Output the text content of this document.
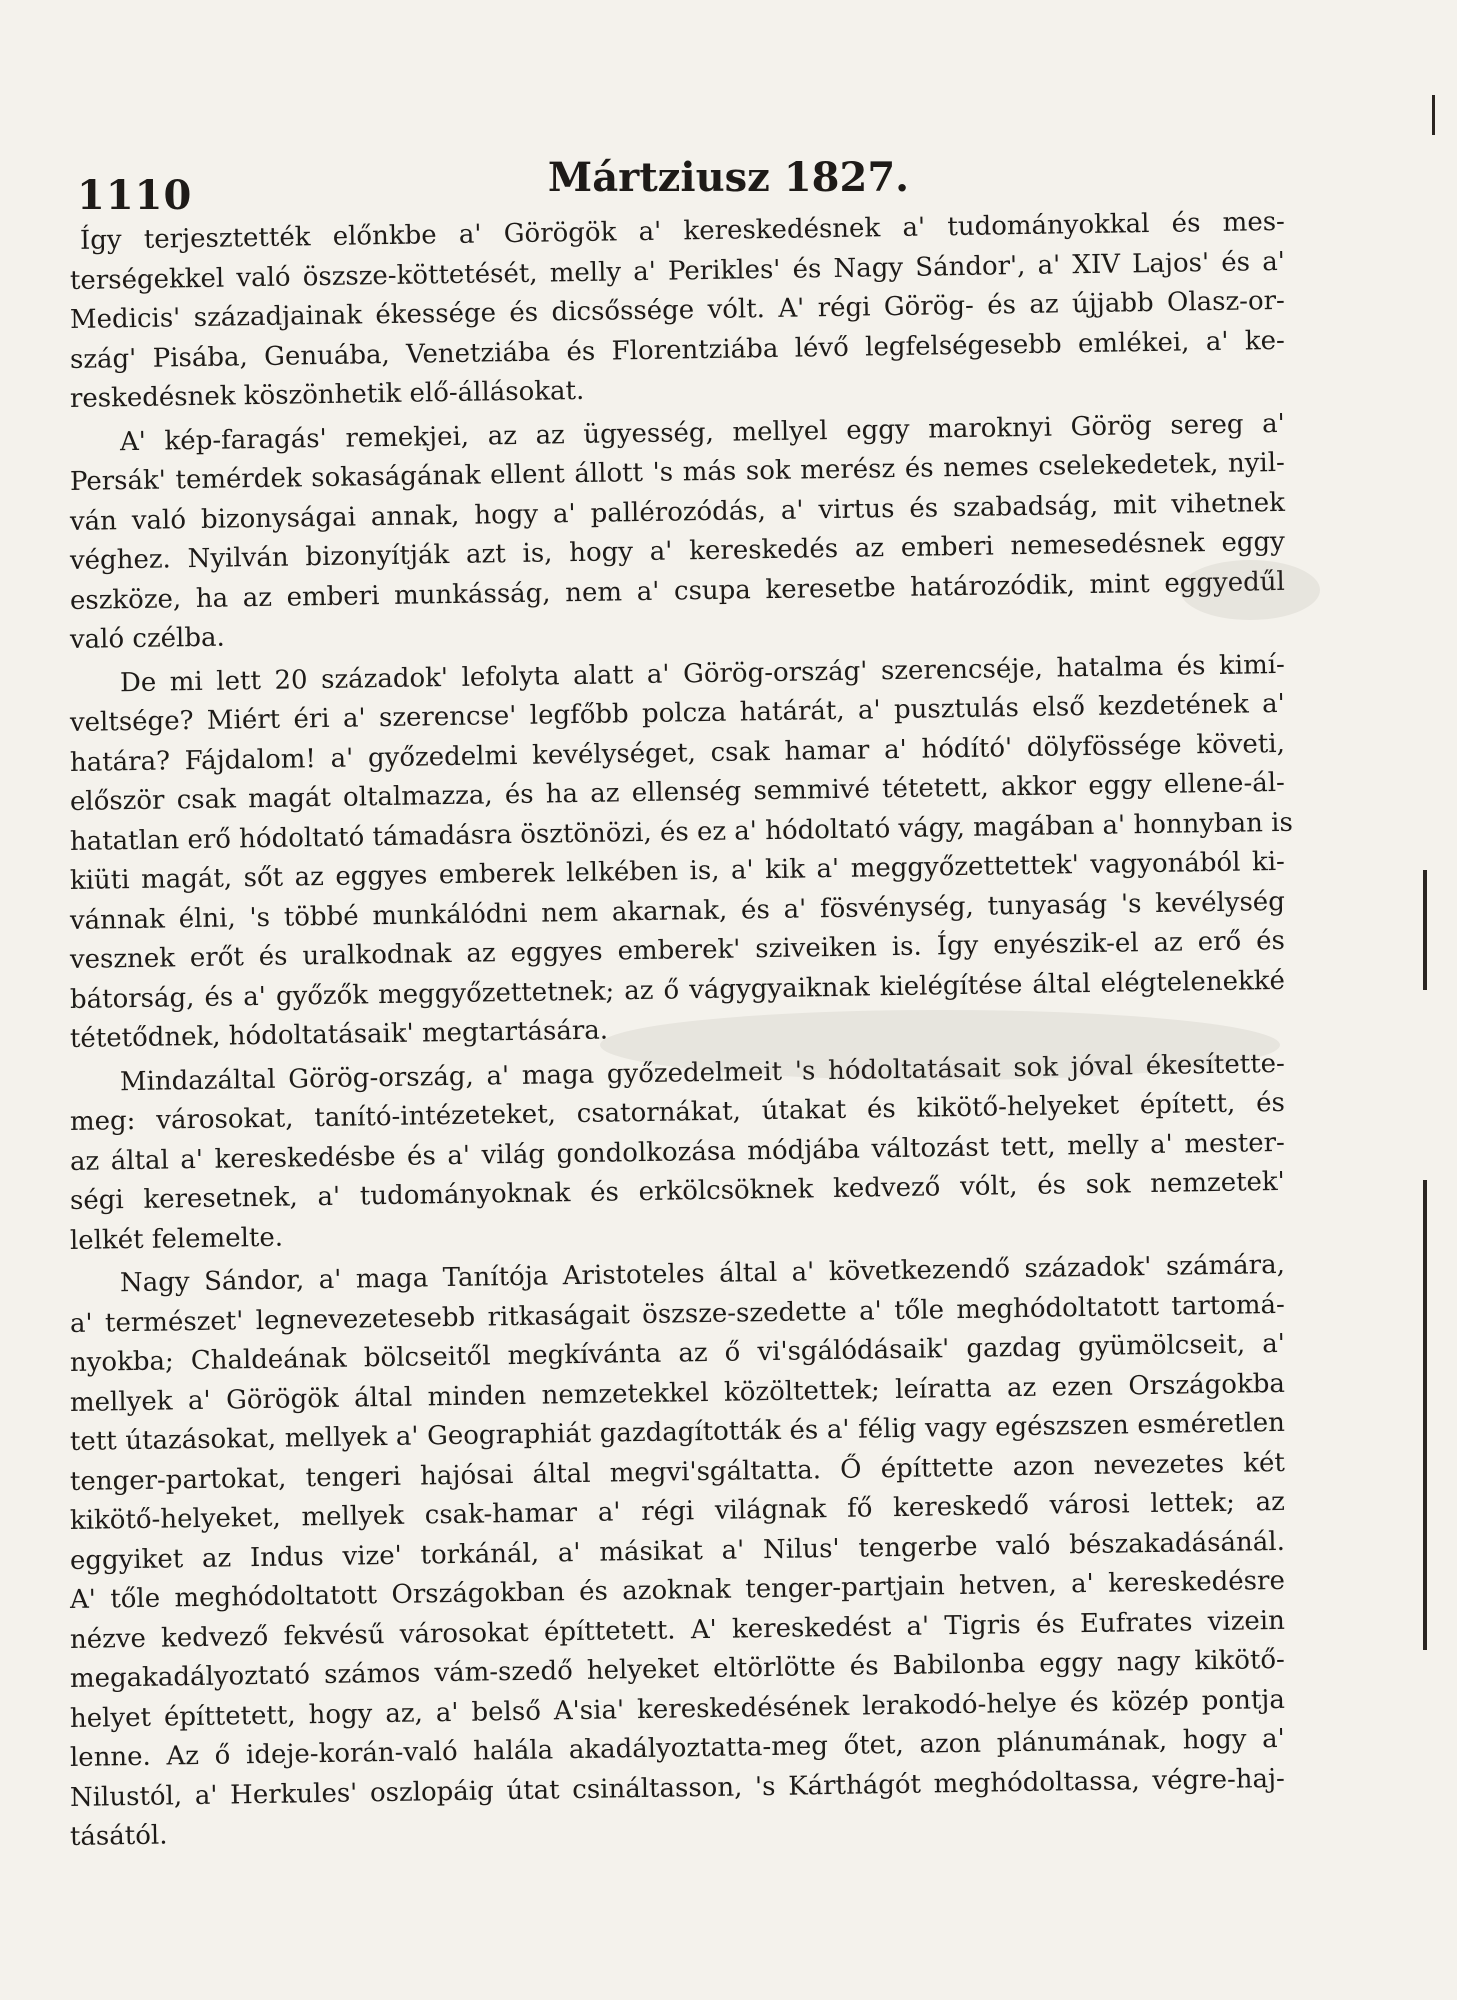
1110	Mártziusz 1827.
Így terjesztették előnkbe a' Görögök a' kereskedésnek a' tudományokkal és mes-
terségekkel való öszsze-köttetését, melly a' Perikles' és Nagy Sándor', a' XIV Lajos' és a'
Medicis' századjainak ékessége és dicsőssége vólt. A' régi Görög- és az újjabb Olasz-or-
szág' Pisába, Genuába, Venetziába és Florentziába lévő legfelségesebb emlékei, a' ke-
reskedésnek köszönhetik elő-állásokat.
A' kép-faragás' remekjei, az az ügyesség, mellyel eggy maroknyi Görög sereg a'
Persák' temérdek sokaságának ellent állott 's más sok merész és nemes cselekedetek, nyil-
ván való bizonyságai annak, hogy a' pallérozódás, a' virtus és szabadság, mit vihetnek
véghez. Nyilván bizonyítják azt is, hogy a' kereskedés az emberi nemesedésnek eggy
eszköze, ha az emberi munkásság, nem a' csupa keresetbe határozódik, mint eggyedűl
való czélba.
De mi lett 20 századok' lefolyta alatt a' Görög-ország' szerencséje, hatalma és kimí-
veltsége? Miért éri a' szerencse' legfőbb polcza határát, a' pusztulás első kezdetének a'
határa? Fájdalom! a' győzedelmi kevélységet, csak hamar a' hódító' dölyfössége követi,
először csak magát oltalmazza, és ha az ellenség semmivé tétetett, akkor eggy ellene-ál-
hatatlan erő hódoltató támadásra ösztönözi, és ez a' hódoltató vágy, magában a' honnyban is
kiüti magát, sőt az eggyes emberek lelkében is, a' kik a' meggyőzettettek' vagyonából ki-
vánnak élni, 's többé munkálódni nem akarnak, és a' fösvénység, tunyaság 's kevélység
vesznek erőt és uralkodnak az eggyes emberek' sziveiken is. Így enyészik-el az erő és
bátorság, és a' győzők meggyőzettetnek; az ő vágygyaiknak kielégítése által elégtelenekké
tétetődnek, hódoltatásaik' megtartására.
Mindazáltal Görög-ország, a' maga győzedelmeit 's hódoltatásait sok jóval ékesítette-
meg: városokat, tanító-intézeteket, csatornákat, útakat és kikötő-helyeket épített, és
az által a' kereskedésbe és a' világ gondolkozása módjába változást tett, melly a' mester-
ségi keresetnek, a' tudományoknak és erkölcsöknek kedvező vólt, és sok nemzetek'
lelkét felemelte.
Nagy Sándor, a' maga Tanítója Aristoteles által a' következendő századok' számára,
a' természet' legnevezetesebb ritkaságait öszsze-szedette a' tőle meghódoltatott tartomá-
nyokba; Chaldeának bölcseitől megkívánta az ő vi'sgálódásaik' gazdag gyümölcseit, a'
mellyek a' Görögök által minden nemzetekkel közöltettek; leíratta az ezen Országokba
tett útazásokat, mellyek a' Geographiát gazdagították és a' félig vagy egészszen esméretlen
tenger-partokat, tengeri hajósai által megvi'sgáltatta. Ő építtette azon nevezetes két
kikötő-helyeket, mellyek csak-hamar a' régi világnak fő kereskedő városi lettek; az
eggyiket az Indus vize' torkánál, a' másikat a' Nilus' tengerbe való bészakadásánál.
A' tőle meghódoltatott Országokban és azoknak tenger-partjain hetven, a' kereskedésre
nézve kedvező fekvésű városokat építtetett. A' kereskedést a' Tigris és Eufrates vizein
megakadályoztató számos vám-szedő helyeket eltörlötte és Babilonba eggy nagy kikötő-
helyet építtetett, hogy az, a' belső A'sia' kereskedésének lerakodó-helye és közép pontja
lenne. Az ő ideje-korán-való halála akadályoztatta-meg őtet, azon plánumának, hogy a'
Nilustól, a' Herkules' oszlopáig útat csináltasson, 's Kárthágót meghódoltassa, végre-haj-
tásától.
